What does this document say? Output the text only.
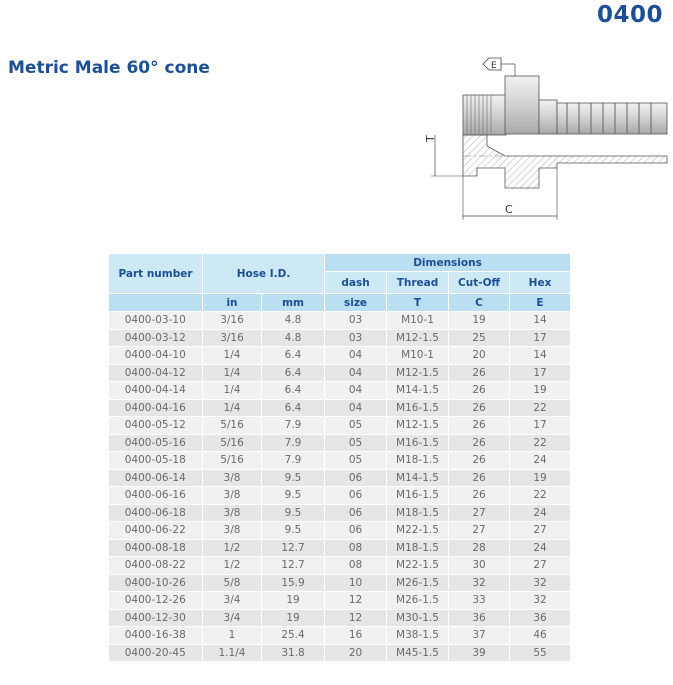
0400
Metric Male 60° cone	E
T
C
Part number	Hose I.D.		Dimensions			
			dash	Thread	Cut-Off	Hex
	in	mm	size	T	C	E
0400-03-10	3/16	4.8	03	M10-1	19	14
0400-03-12	3/16	4.8	03	M12-1.5	25	17
0400-04-10	1/4	6.4	04	M10-1	20	14
0400-04-12	1/4	6.4	04	M12-1.5	26	17
0400-04-14	1/4	6.4	04	M14-1.5	26	19
0400-04-16	1/4	6.4	04	M16-1.5	26	22
0400-05-12	5/16	7.9	05	M12-1.5	26	17
0400-05-16	5/16	7.9	05	M16-1.5	26	22
0400-05-18	5/16	7.9	05	M18-1.5	26	24
0400-06-14	3/8	9.5	06	M14-1.5	26	19
0400-06-16	3/8	9.5	06	M16-1.5	26	22
0400-06-18	3/8	9.5	06	M18-1.5	27	24
0400-06-22	3/8	9.5	06	M22-1.5	27	27
0400-08-18	1/2	12.7	08	M18-1.5	28	24
0400-08-22	1/2	12.7	08	M22-1.5	30	27
0400-10-26	5/8	15.9	10	M26-1.5	32	32
0400-12-26	3/4	19	12	M26-1.5	33	32
0400-12-30	3/4	19	12	M30-1.5	36	36
0400-16-38	1	25.4	16	M38-1.5	37	46
0400-20-45	1.1/4	31.8	20	M45-1.5	39	55
